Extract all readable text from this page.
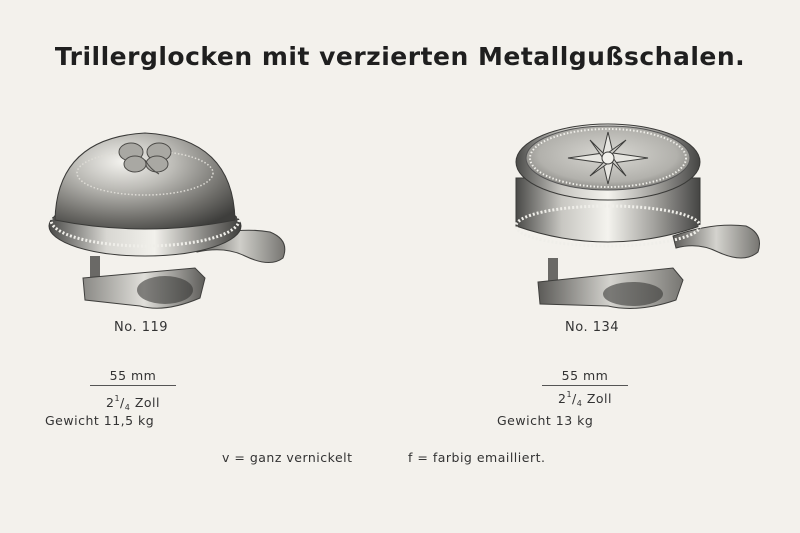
Trillerglocken mit verzierten Metallgußschalen.
No. 119	No. 134
55 mm
$2^1/_4$ Zoll
Gewicht 11,5 kg
55 mm
$2^1/_4$ Zoll
Gewicht 13 kg
v = ganz vernickelt	f = farbig emailliert.
